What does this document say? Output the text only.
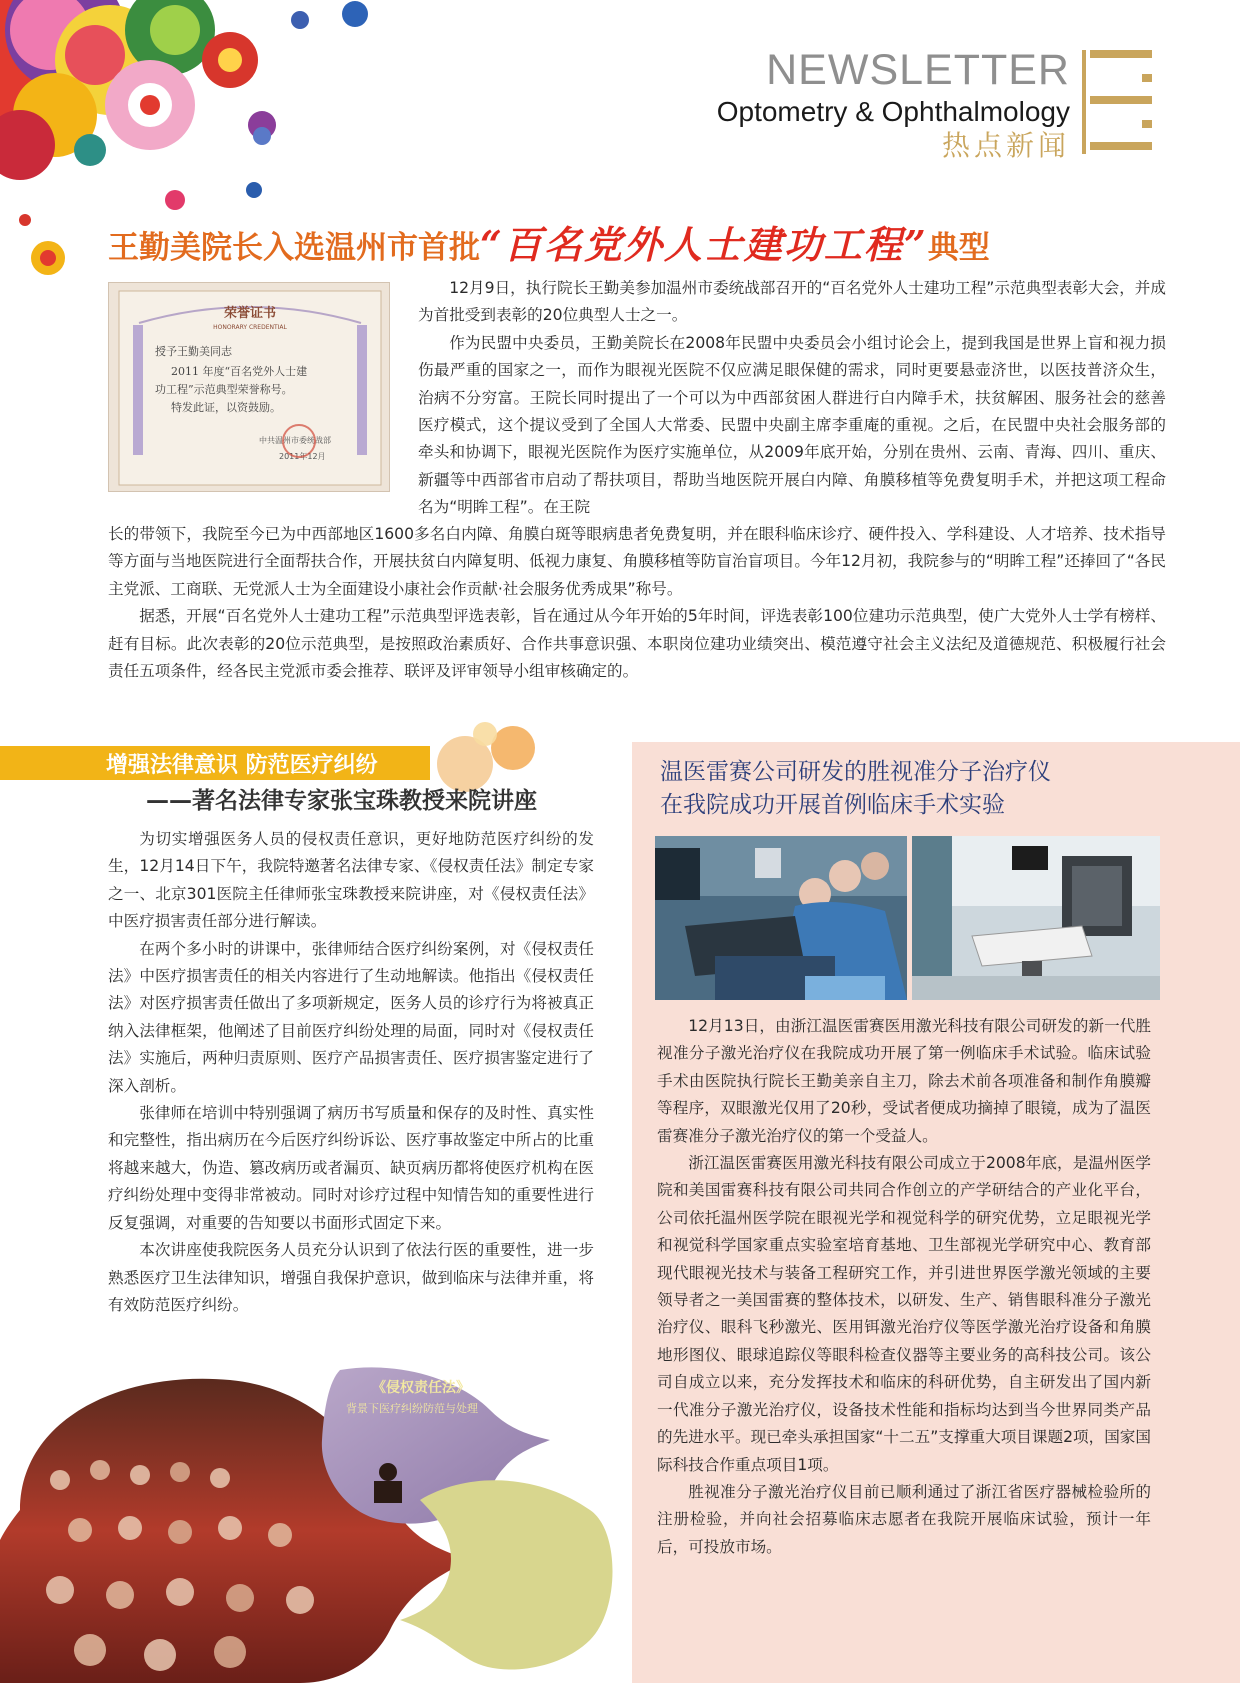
NEWSLETTER
Optometry & Ophthalmology
热点新闻
王勤美院长入选温州市首批“百名党外人士建功工程”典型
荣誉证书
HONORARY CREDENTIAL
授予王勤美同志
2011 年度“百名党外人士建
功工程”示范典型荣誉称号。
特发此证，以资鼓励。
中共温州市委统战部
2011年12月

12月9日，执行院长王勤美参加温州市委统战部召开的“百名党外人士建功工程”示范典型表彰大会，并成为首批受到表彰的20位典型人士之一。

作为民盟中央委员，王勤美院长在2008年民盟中央委员会小组讨论会上，提到我国是世界上盲和视力损伤最严重的国家之一，而作为眼视光医院不仅应满足眼保健的需求，同时更要悬壶济世，以医技普济众生，治病不分穷富。王院长同时提出了一个可以为中西部贫困人群进行白内障手术，扶贫解困、服务社会的慈善医疗模式，这个提议受到了全国人大常委、民盟中央副主席李重庵的重视。之后，在民盟中央社会服务部的牵头和协调下，眼视光医院作为医疗实施单位，从2009年底开始，分别在贵州、云南、青海、四川、重庆、新疆等中西部省市启动了帮扶项目，帮助当地医院开展白内障、角膜移植等免费复明手术，并把这项工程命名为“明眸工程”。在王院

长的带领下，我院至今已为中西部地区1600多名白内障、角膜白斑等眼病患者免费复明，并在眼科临床诊疗、硬件投入、学科建设、人才培养、技术指导等方面与当地医院进行全面帮扶合作，开展扶贫白内障复明、低视力康复、角膜移植等防盲治盲项目。今年12月初，我院参与的“明眸工程”还捧回了“各民主党派、工商联、无党派人士为全面建设小康社会作贡献·社会服务优秀成果”称号。

据悉，开展“百名党外人士建功工程”示范典型评选表彰，旨在通过从今年开始的5年时间，评选表彰100位建功示范典型，使广大党外人士学有榜样、赶有目标。此次表彰的20位示范典型，是按照政治素质好、合作共事意识强、本职岗位建功业绩突出、模范遵守社会主义法纪及道德规范、积极履行社会责任五项条件，经各民主党派市委会推荐、联评及评审领导小组审核确定的。

增强法律意识 防范医疗纠纷
——著名法律专家张宝珠教授来院讲座

为切实增强医务人员的侵权责任意识，更好地防范医疗纠纷的发生，12月14日下午，我院特邀著名法律专家、《侵权责任法》制定专家之一、北京301医院主任律师张宝珠教授来院讲座，对《侵权责任法》中医疗损害责任部分进行解读。

在两个多小时的讲课中，张律师结合医疗纠纷案例，对《侵权责任法》中医疗损害责任的相关内容进行了生动地解读。他指出《侵权责任法》对医疗损害责任做出了多项新规定，医务人员的诊疗行为将被真正纳入法律框架，他阐述了目前医疗纠纷处理的局面，同时对《侵权责任法》实施后，两种归责原则、医疗产品损害责任、医疗损害鉴定进行了深入剖析。

张律师在培训中特别强调了病历书写质量和保存的及时性、真实性和完整性，指出病历在今后医疗纠纷诉讼、医疗事故鉴定中所占的比重将越来越大，伪造、篡改病历或者漏页、缺页病历都将使医疗机构在医疗纠纷处理中变得非常被动。同时对诊疗过程中知情告知的重要性进行反复强调，对重要的告知要以书面形式固定下来。

本次讲座使我院医务人员充分认识到了依法行医的重要性，进一步熟悉医疗卫生法律知识，增强自我保护意识，做到临床与法律并重，将有效防范医疗纠纷。

《侵权责任法》
背景下医疗纠纷防范与处理
温医雷赛公司研发的胜视准分子治疗仪
在我院成功开展首例临床手术实验

12月13日，由浙江温医雷赛医用激光科技有限公司研发的新一代胜视准分子激光治疗仪在我院成功开展了第一例临床手术试验。临床试验手术由医院执行院长王勤美亲自主刀，除去术前各项准备和制作角膜瓣等程序，双眼激光仅用了20秒，受试者便成功摘掉了眼镜，成为了温医雷赛准分子激光治疗仪的第一个受益人。

浙江温医雷赛医用激光科技有限公司成立于2008年底，是温州医学院和美国雷赛科技有限公司共同合作创立的产学研结合的产业化平台，公司依托温州医学院在眼视光学和视觉科学的研究优势，立足眼视光学和视觉科学国家重点实验室培育基地、卫生部视光学研究中心、教育部现代眼视光技术与装备工程研究工作，并引进世界医学激光领域的主要领导者之一美国雷赛的整体技术，以研发、生产、销售眼科准分子激光治疗仪、眼科飞秒激光、医用铒激光治疗仪等医学激光治疗设备和角膜地形图仪、眼球追踪仪等眼科检查仪器等主要业务的高科技公司。该公司自成立以来，充分发挥技术和临床的科研优势，自主研发出了国内新一代准分子激光治疗仪，设备技术性能和指标均达到当今世界同类产品的先进水平。现已牵头承担国家“十二五”支撑重大项目课题2项，国家国际科技合作重点项目1项。

胜视准分子激光治疗仪目前已顺利通过了浙江省医疗器械检验所的注册检验，并向社会招募临床志愿者在我院开展临床试验，预计一年后，可投放市场。
